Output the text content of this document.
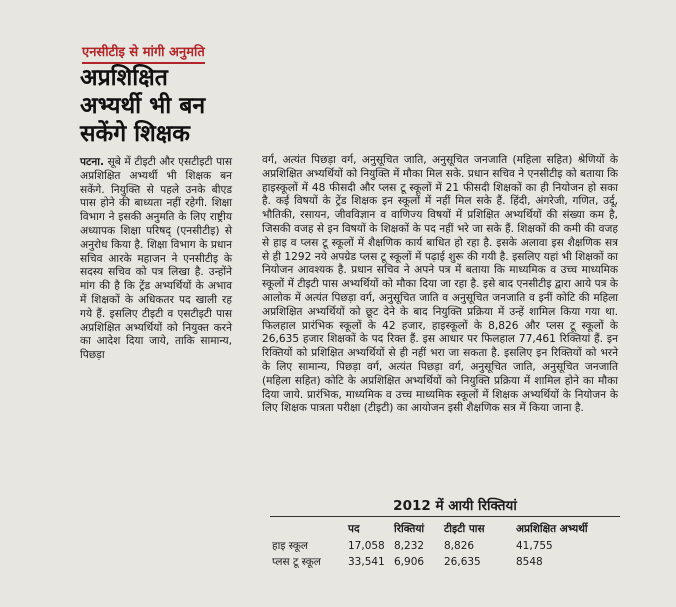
एनसीटीइ से मांगी अनुमति
अप्रशिक्षित अभ्यर्थी भी बन सकेंगे शिक्षक

पटना. सूबे में टीइटी और एसटीइटी पास अप्रशिक्षित अभ्यर्थी भी शिक्षक बन सकेंगे. नियुक्ति से पहले उनके बीएड पास होने की बाध्यता नहीं रहेगी. शिक्षा विभाग ने इसकी अनुमति के लिए राष्ट्रीय अध्यापक शिक्षा परिषद् (एनसीटीइ) से अनुरोध किया है. शिक्षा विभाग के प्रधान सचिव आरके महाजन ने एनसीटीइ के सदस्य सचिव को पत्र लिखा है. उन्होंने मांग की है कि ट्रेंड अभ्यर्थियों के अभाव में शिक्षकों के अधिकतर पद खाली रह गये हैं. इसलिए टीइटी व एसटीइटी पास अप्रशिक्षित अभ्यर्थियों को नियुक्त करने का आदेश दिया जाये, ताकि सामान्य, पिछड़ा

वर्ग, अत्यंत पिछड़ा वर्ग, अनुसूचित जाति, अनुसूचित जनजाति (महिला सहित) श्रेणियों के अप्रशिक्षित अभ्यर्थियों को नियुक्ति में मौका मिल सके. प्रधान सचिव ने एनसीटीइ को बताया कि हाइस्कूलों में 48 फीसदी और प्लस टू स्कूलों में 21 फीसदी शिक्षकों का ही नियोजन हो सका है. कई विषयों के ट्रेंड शिक्षक इन स्कूलों में नहीं मिल सके हैं. हिंदी, अंगरेजी, गणित, उर्दू, भौतिकी, रसायन, जीवविज्ञान व वाणिज्य विषयों में प्रशिक्षित अभ्यर्थियों की संख्या कम है, जिसकी वजह से इन विषयों के शिक्षकों के पद नहीं भरे जा सके हैं. शिक्षकों की कमी की वजह से हाइ व प्लस टू स्कूलों में शैक्षणिक कार्य बाधित हो रहा है. इसके अलावा इस शैक्षणिक सत्र से ही 1292 नये अपग्रेड प्लस टू स्कूलों में पढ़ाई शुरू की गयी है. इसलिए यहां भी शिक्षकों का नियोजन आवश्यक है. प्रधान सचिव ने अपने पत्र में बताया कि माध्यमिक व उच्च माध्यमिक स्कूलों में टीइटी पास अभ्यर्थियों को मौका दिया जा रहा है. इसे बाद एनसीटीइ द्वारा आये पत्र के आलोक में अत्यंत पिछड़ा वर्ग, अनुसूचित जाति व अनुसूचित जनजाति व इनीं कोटि की महिला अप्रशिक्षित अभ्यर्थियों को छूट देने के बाद नियुक्ति प्रक्रिया में उन्हें शामिल किया गया था. फिलहाल प्रारंभिक स्कूलों के 42 हजार, हाइस्कूलों के 8,826 और प्लस टू स्कूलों के 26,635 हजार शिक्षकों के पद रिक्त हैं. इस आधार पर फिलहाल 77,461 रिक्तियां हैं. इन रिक्तियों को प्रशिक्षित अभ्यर्थियों से ही नहीं भरा जा सकता है. इसलिए इन रिक्तियों को भरने के लिए सामान्य, पिछड़ा वर्ग, अत्यंत पिछड़ा वर्ग, अनुसूचित जाति, अनुसूचित जनजाति (महिला सहित) कोटि के अप्रशिक्षित अभ्यर्थियों को नियुक्ति प्रक्रिया में शामिल होने का मौका दिया जाये. प्रारंभिक, माध्यमिक व उच्च माध्यमिक स्कूलों में शिक्षक अभ्यर्थियों के नियोजन के लिए शिक्षक पात्रता परीक्षा (टीइटी) का आयोजन इसी शैक्षणिक सत्र में किया जाना है.

2012 में आयी रिक्तियां
	पद	रिक्तियां	टीइटी पास	अप्रशिक्षित अभ्यर्थी
हाइ स्कूल	17,058	8,232	8,826	41,755
प्लस टू स्कूल	33,541	6,906	26,635	8548
